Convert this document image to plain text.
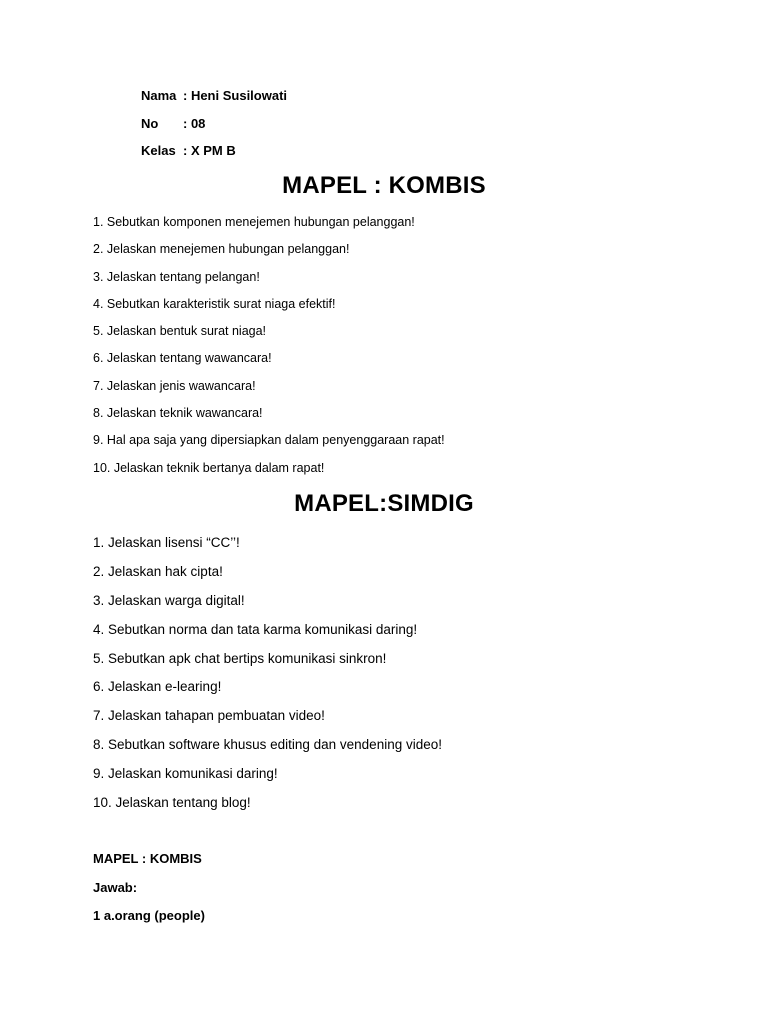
Nama : Heni Susilowati
No	: 08
Kelas : X PM B
MAPEL : KOMBIS
1. Sebutkan komponen menejemen hubungan pelanggan!
2. Jelaskan menejemen hubungan pelanggan!
3. Jelaskan tentang pelangan!
4. Sebutkan karakteristik surat niaga efektif!
5. Jelaskan bentuk surat niaga!
6. Jelaskan tentang wawancara!
7. Jelaskan jenis wawancara!
8. Jelaskan teknik wawancara!
9. Hal apa saja yang dipersiapkan dalam penyenggaraan rapat!
10. Jelaskan teknik bertanya dalam rapat!
MAPEL:SIMDIG
1. Jelaskan lisensi “CC’’!
2. Jelaskan hak cipta!
3. Jelaskan warga digital!
4. Sebutkan norma dan tata karma komunikasi daring!
5. Sebutkan apk chat bertips komunikasi sinkron!
6. Jelaskan e-learing!
7. Jelaskan tahapan pembuatan video!
8. Sebutkan software khusus editing dan vendening video!
9. Jelaskan komunikasi daring!
10. Jelaskan tentang blog!
MAPEL : KOMBIS
Jawab:
1 a.orang (people)
